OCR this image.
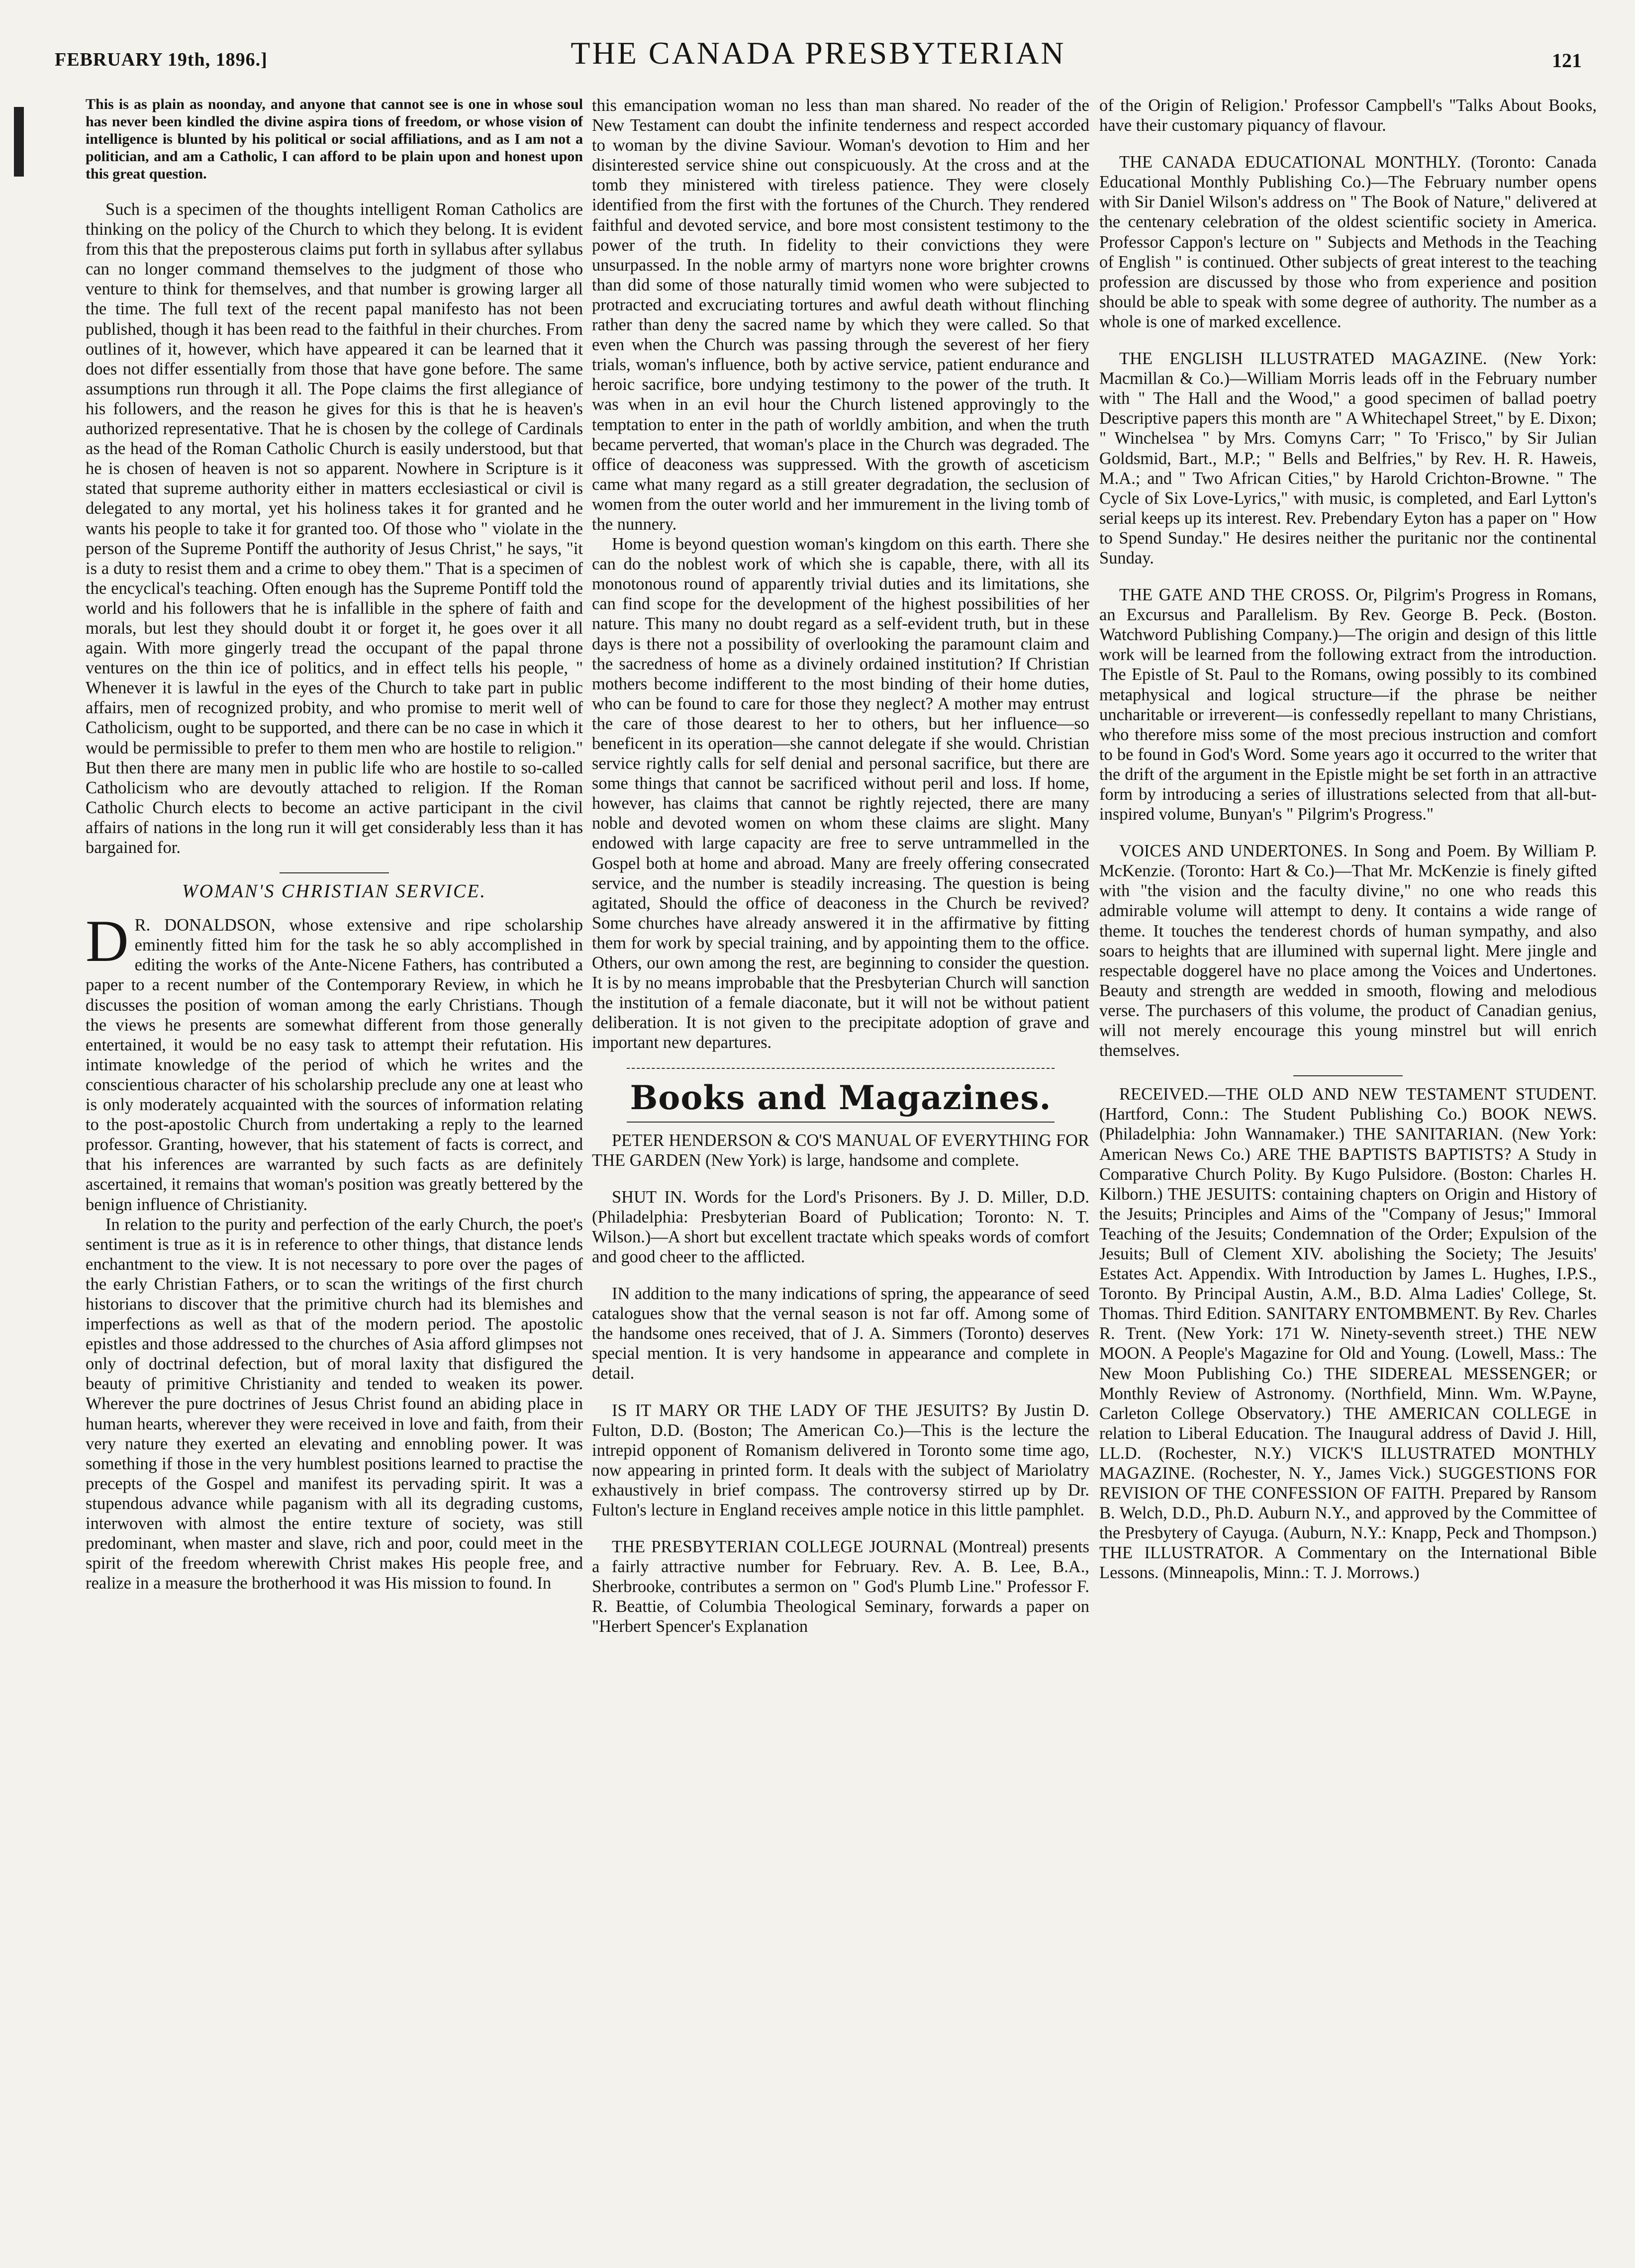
FEBRUARY 19th, 1896.]	THE CANADA PRESBYTERIAN	121

This is as plain as noonday, and anyone that cannot see is one in whose soul has never been kindled the divine aspira tions of freedom, or whose vision of intelligence is blunted by his political or social affiliations, and as I am not a politician, and am a Catholic, I can afford to be plain upon and honest upon this great question.

Such is a specimen of the thoughts intelligent Roman Catholics are thinking on the policy of the Church to which they belong. It is evident from this that the preposterous claims put forth in syllabus after syllabus can no longer command themselves to the judgment of those who venture to think for themselves, and that number is growing larger all the time. The full text of the recent papal manifesto has not been published, though it has been read to the faithful in their churches. From outlines of it, however, which have appeared it can be learned that it does not differ essentially from those that have gone before. The same assumptions run through it all. The Pope claims the first allegiance of his followers, and the reason he gives for this is that he is heaven's authorized representative. That he is chosen by the college of Cardinals as the head of the Roman Catholic Church is easily understood, but that he is chosen of heaven is not so apparent. Nowhere in Scripture is it stated that supreme authority either in matters ecclesiastical or civil is delegated to any mortal, yet his holiness takes it for granted and he wants his people to take it for granted too. Of those who " violate in the person of the Supreme Pontiff the authority of Jesus Christ," he says, "it is a duty to resist them and a crime to obey them." That is a specimen of the encyclical's teaching. Often enough has the Supreme Pontiff told the world and his followers that he is infallible in the sphere of faith and morals, but lest they should doubt it or forget it, he goes over it all again. With more gingerly tread the occupant of the papal throne ventures on the thin ice of politics, and in effect tells his people, " Whenever it is lawful in the eyes of the Church to take part in public affairs, men of recognized probity, and who promise to merit well of Catholicism, ought to be supported, and there can be no case in which it would be permissible to prefer to them men who are hostile to religion." But then there are many men in public life who are hostile to so-called Catholicism who are devoutly attached to religion. If the Roman Catholic Church elects to become an active participant in the civil affairs of nations in the long run it will get considerably less than it has bargained for.

WOMAN'S CHRISTIAN SERVICE.

D R. DONALDSON, whose extensive and ripe scholarship eminently fitted him for the task he so ably accomplished in editing the works of the Ante-Nicene Fathers, has contributed a paper to a recent number of the Contemporary Review, in which he discusses the position of woman among the early Christians. Though the views he presents are somewhat different from those generally entertained, it would be no easy task to attempt their refutation. His intimate knowledge of the period of which he writes and the conscientious character of his scholarship preclude any one at least who is only moderately acquainted with the sources of information relating to the post-apostolic Church from undertaking a reply to the learned professor. Granting, however, that his statement of facts is correct, and that his inferences are warranted by such facts as are definitely ascertained, it remains that woman's position was greatly bettered by the benign influence of Christianity.

In relation to the purity and perfection of the early Church, the poet's sentiment is true as it is in reference to other things, that distance lends enchantment to the view. It is not necessary to pore over the pages of the early Christian Fathers, or to scan the writings of the first church historians to discover that the primitive church had its blemishes and imperfections as well as that of the modern period. The apostolic epistles and those addressed to the churches of Asia afford glimpses not only of doctrinal defection, but of moral laxity that disfigured the beauty of primitive Christianity and tended to weaken its power. Wherever the pure doctrines of Jesus Christ found an abiding place in human hearts, wherever they were received in love and faith, from their very nature they exerted an elevating and ennobling power. It was something if those in the very humblest positions learned to practise the precepts of the Gospel and manifest its pervading spirit. It was a stupendous advance while paganism with all its degrading customs, interwoven with almost the entire texture of society, was still predominant, when master and slave, rich and poor, could meet in the spirit of the freedom wherewith Christ makes His people free, and realize in a measure the brotherhood it was His mission to found. In

this emancipation woman no less than man shared. No reader of the New Testament can doubt the infinite tenderness and respect accorded to woman by the divine Saviour. Woman's devotion to Him and her disinterested service shine out conspicuously. At the cross and at the tomb they ministered with tireless patience. They were closely identified from the first with the fortunes of the Church. They rendered faithful and devoted service, and bore most consistent testimony to the power of the truth. In fidelity to their convictions they were unsurpassed. In the noble army of martyrs none wore brighter crowns than did some of those naturally timid women who were subjected to protracted and excruciating tortures and awful death without flinching rather than deny the sacred name by which they were called. So that even when the Church was passing through the severest of her fiery trials, woman's influence, both by active service, patient endurance and heroic sacrifice, bore undying testimony to the power of the truth. It was when in an evil hour the Church listened approvingly to the temptation to enter in the path of worldly ambition, and when the truth became perverted, that woman's place in the Church was degraded. The office of deaconess was suppressed. With the growth of asceticism came what many regard as a still greater degradation, the seclusion of women from the outer world and her immurement in the living tomb of the nunnery.

Home is beyond question woman's kingdom on this earth. There she can do the noblest work of which she is capable, there, with all its monotonous round of apparently trivial duties and its limitations, she can find scope for the development of the highest possibilities of her nature. This many no doubt regard as a self-evident truth, but in these days is there not a possibility of overlooking the paramount claim and the sacredness of home as a divinely ordained institution? If Christian mothers become indifferent to the most binding of their home duties, who can be found to care for those they neglect? A mother may entrust the care of those dearest to her to others, but her influence—so beneficent in its operation—she cannot delegate if she would. Christian service rightly calls for self denial and personal sacrifice, but there are some things that cannot be sacrificed without peril and loss. If home, however, has claims that cannot be rightly rejected, there are many noble and devoted women on whom these claims are slight. Many endowed with large capacity are free to serve untrammelled in the Gospel both at home and abroad. Many are freely offering consecrated service, and the number is steadily increasing. The question is being agitated, Should the office of deaconess in the Church be revived? Some churches have already answered it in the affirmative by fitting them for work by special training, and by appointing them to the office. Others, our own among the rest, are beginning to consider the question. It is by no means improbable that the Presbyterian Church will sanction the institution of a female diaconate, but it will not be without patient deliberation. It is not given to the precipitate adoption of grave and important new departures.

Books and Magazines.

PETER HENDERSON & CO'S MANUAL OF EVERYTHING FOR THE GARDEN (New York) is large, handsome and complete.

SHUT IN. Words for the Lord's Prisoners. By J. D. Miller, D.D. (Philadelphia: Presbyterian Board of Publication; Toronto: N. T. Wilson.)—A short but excellent tractate which speaks words of comfort and good cheer to the afflicted.

IN addition to the many indications of spring, the appearance of seed catalogues show that the vernal season is not far off. Among some of the handsome ones received, that of J. A. Simmers (Toronto) deserves special mention. It is very handsome in appearance and complete in detail.

IS IT MARY OR THE LADY OF THE JESUITS? By Justin D. Fulton, D.D. (Boston; The American Co.)—This is the lecture the intrepid opponent of Romanism delivered in Toronto some time ago, now appearing in printed form. It deals with the subject of Mariolatry exhaustively in brief compass. The controversy stirred up by Dr. Fulton's lecture in England receives ample notice in this little pamphlet.

THE PRESBYTERIAN COLLEGE JOURNAL (Montreal) presents a fairly attractive number for February. Rev. A. B. Lee, B.A., Sherbrooke, contributes a sermon on " God's Plumb Line." Professor F. R. Beattie, of Columbia Theological Seminary, forwards a paper on "Herbert Spencer's Explanation

of the Origin of Religion.' Professor Campbell's "Talks About Books, have their customary piquancy of flavour.

THE CANADA EDUCATIONAL MONTHLY. (Toronto: Canada Educational Monthly Publishing Co.)—The February number opens with Sir Daniel Wilson's address on " The Book of Nature," delivered at the centenary celebration of the oldest scientific society in America. Professor Cappon's lecture on " Subjects and Methods in the Teaching of English " is continued. Other subjects of great interest to the teaching profession are discussed by those who from experience and position should be able to speak with some degree of authority. The number as a whole is one of marked excellence.

THE ENGLISH ILLUSTRATED MAGAZINE. (New York: Macmillan & Co.)—William Morris leads off in the February number with " The Hall and the Wood," a good specimen of ballad poetry Descriptive papers this month are " A Whitechapel Street," by E. Dixon; " Winchelsea " by Mrs. Comyns Carr; " To 'Frisco," by Sir Julian Goldsmid, Bart., M.P.; " Bells and Belfries," by Rev. H. R. Haweis, M.A.; and " Two African Cities," by Harold Crichton-Browne. " The Cycle of Six Love-Lyrics," with music, is completed, and Earl Lytton's serial keeps up its interest. Rev. Prebendary Eyton has a paper on " How to Spend Sunday." He desires neither the puritanic nor the continental Sunday.

THE GATE AND THE CROSS. Or, Pilgrim's Progress in Romans, an Excursus and Parallelism. By Rev. George B. Peck. (Boston. Watchword Publishing Company.)—The origin and design of this little work will be learned from the following extract from the introduction. The Epistle of St. Paul to the Romans, owing possibly to its combined metaphysical and logical structure—if the phrase be neither uncharitable or irreverent—is confessedly repellant to many Christians, who therefore miss some of the most precious instruction and comfort to be found in God's Word. Some years ago it occurred to the writer that the drift of the argument in the Epistle might be set forth in an attractive form by introducing a series of illustrations selected from that all-but-inspired volume, Bunyan's " Pilgrim's Progress."

VOICES AND UNDERTONES. In Song and Poem. By William P. McKenzie. (Toronto: Hart & Co.)—That Mr. McKenzie is finely gifted with "the vision and the faculty divine," no one who reads this admirable volume will attempt to deny. It contains a wide range of theme. It touches the tenderest chords of human sympathy, and also soars to heights that are illumined with supernal light. Mere jingle and respectable doggerel have no place among the Voices and Undertones. Beauty and strength are wedded in smooth, flowing and melodious verse. The purchasers of this volume, the product of Canadian genius, will not merely encourage this young minstrel but will enrich themselves.

RECEIVED.—THE OLD AND NEW TESTAMENT STUDENT. (Hartford, Conn.: The Student Publishing Co.) BOOK NEWS. (Philadelphia: John Wannamaker.) THE SANITARIAN. (New York: American News Co.) ARE THE BAPTISTS BAPTISTS? A Study in Comparative Church Polity. By Kugo Pulsidore. (Boston: Charles H. Kilborn.) THE JESUITS: containing chapters on Origin and History of the Jesuits; Principles and Aims of the "Company of Jesus;" Immoral Teaching of the Jesuits; Condemnation of the Order; Expulsion of the Jesuits; Bull of Clement XIV. abolishing the Society; The Jesuits' Estates Act. Appendix. With Introduction by James L. Hughes, I.P.S., Toronto. By Principal Austin, A.M., B.D. Alma Ladies' College, St. Thomas. Third Edition. SANITARY ENTOMBMENT. By Rev. Charles R. Trent. (New York: 171 W. Ninety-seventh street.) THE NEW MOON. A People's Magazine for Old and Young. (Lowell, Mass.: The New Moon Publishing Co.) THE SIDEREAL MESSENGER; or Monthly Review of Astronomy. (Northfield, Minn. Wm. W.Payne, Carleton College Observatory.) THE AMERICAN COLLEGE in relation to Liberal Education. The Inaugural address of David J. Hill, LL.D. (Rochester, N.Y.) VICK'S ILLUSTRATED MONTHLY MAGAZINE. (Rochester, N. Y., James Vick.) SUGGESTIONS FOR REVISION OF THE CONFESSION OF FAITH. Prepared by Ransom B. Welch, D.D., Ph.D. Auburn N.Y., and approved by the Committee of the Presbytery of Cayuga. (Auburn, N.Y.: Knapp, Peck and Thompson.) THE ILLUSTRATOR. A Commentary on the International Bible Lessons. (Minneapolis, Minn.: T. J. Morrows.)
